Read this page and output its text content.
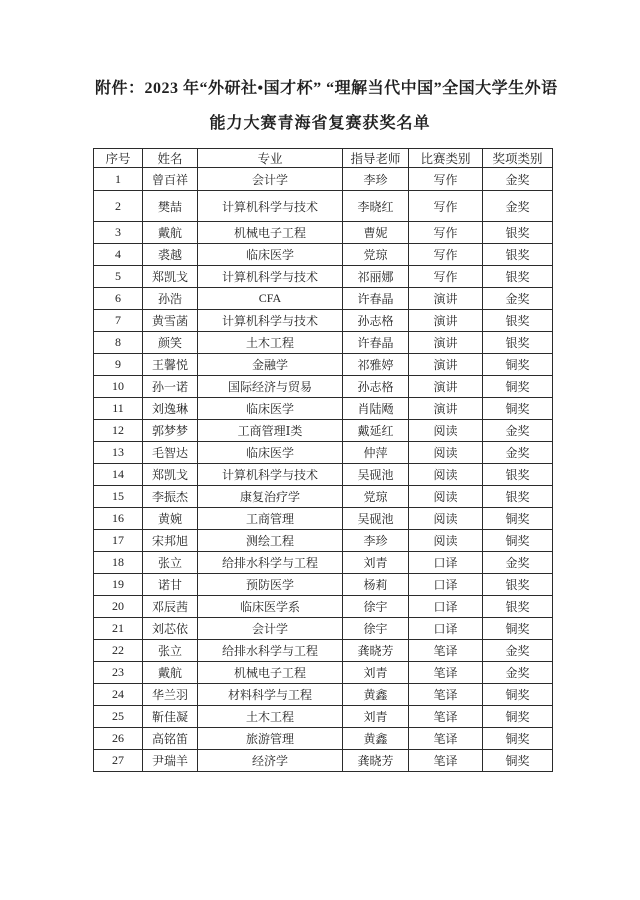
附件：2023 年“外研社•国才杯” “理解当代中国”全国大学生外语
能力大赛青海省复赛获奖名单
序号	姓名	专业	指导老师	比赛类别	奖项类别
1	曾百祥	会计学	李珍	写作	金奖
2	樊喆	计算机科学与技术	李晓红	写作	金奖
3	戴航	机械电子工程	曹妮	写作	银奖
4	裘越	临床医学	党琼	写作	银奖
5	郑凯戈	计算机科学与技术	祁丽娜	写作	银奖
6	孙浩	CFA	许春晶	演讲	金奖
7	黄雪菡	计算机科学与技术	孙志格	演讲	银奖
8	颜笑	土木工程	许春晶	演讲	银奖
9	王馨悦	金融学	祁雅婷	演讲	铜奖
10	孙一诺	国际经济与贸易	孙志格	演讲	铜奖
11	刘逸琳	临床医学	肖陆飏	演讲	铜奖
12	郭梦梦	工商管理Ⅰ类	戴延红	阅读	金奖
13	毛智达	临床医学	仲萍	阅读	金奖
14	郑凯戈	计算机科学与技术	吴砚池	阅读	银奖
15	李振杰	康复治疗学	党琼	阅读	银奖
16	黄婉	工商管理	吴砚池	阅读	铜奖
17	宋邦旭	测绘工程	李珍	阅读	铜奖
18	张立	给排水科学与工程	刘青	口译	金奖
19	诺甘	预防医学	杨莉	口译	银奖
20	邓辰茜	临床医学系	徐宇	口译	银奖
21	刘芯依	会计学	徐宇	口译	铜奖
22	张立	给排水科学与工程	龚晓芳	笔译	金奖
23	戴航	机械电子工程	刘青	笔译	金奖
24	华兰羽	材料科学与工程	黄鑫	笔译	铜奖
25	靳佳凝	土木工程	刘青	笔译	铜奖
26	高铭笛	旅游管理	黄鑫	笔译	铜奖
27	尹瑞羊	经济学	龚晓芳	笔译	铜奖
